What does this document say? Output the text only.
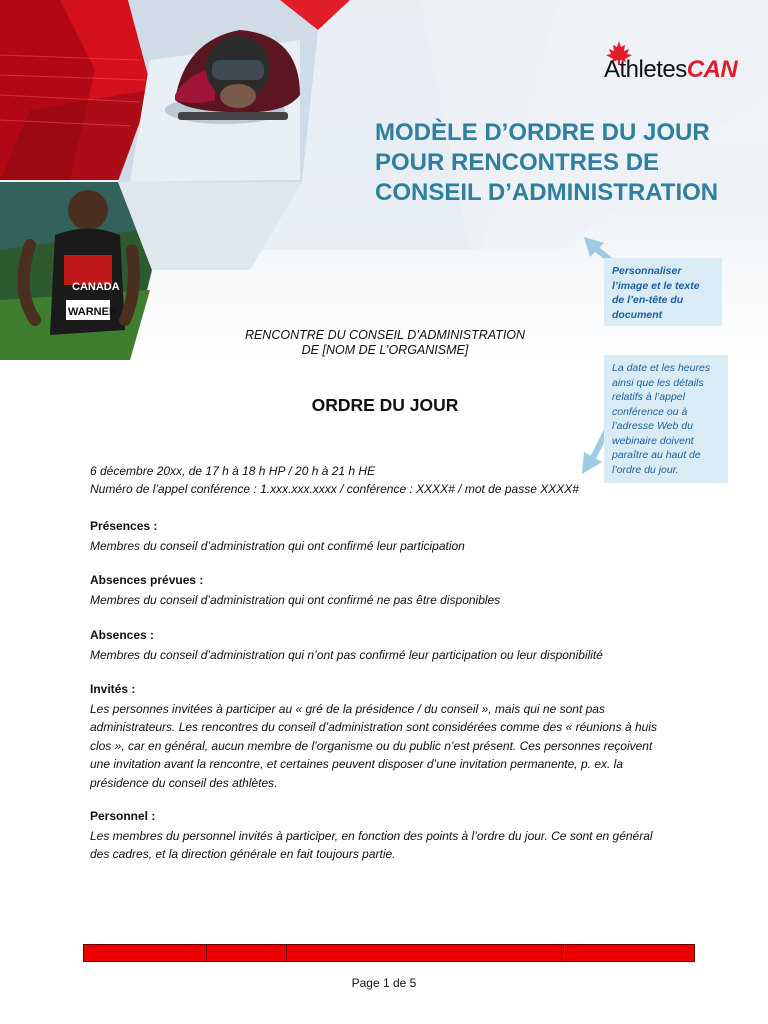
CANADA
WARNER
AthletesCAN
MODÈLE D’ORDRE DU JOUR POUR RENCONTRES DE CONSEIL D’ADMINISTRATION
Personnaliser l’image et le texte de l’en-tête du document
La date et les heures ainsi que les détails relatifs à l’appel conférence ou à l’adresse Web du webinaire doivent paraître au haut de l’ordre du jour.
RENCONTRE DU CONSEIL D’ADMINISTRATION
DE [NOM DE L’ORGANISME]
ORDRE DU JOUR
6 décembre 20xx, de 17 h à 18 h HP / 20 h à 21 h HE
Numéro de l’appel conférence : 1.xxx.xxx.xxxx / conférence : XXXX# / mot de passe XXXX#
Présences :
Membres du conseil d’administration qui ont confirmé leur participation
Absences prévues :
Membres du conseil d’administration qui ont confirmé ne pas être disponibles
Absences :
Membres du conseil d’administration qui n’ont pas confirmé leur participation ou leur disponibilité
Invités :
Les personnes invitées à participer au « gré de la présidence / du conseil », mais qui ne sont pas administrateurs. Les rencontres du conseil d’administration sont considérées comme des « réunions à huis clos », car en général, aucun membre de l’organisme ou du public n’est présent. Ces personnes reçoivent une invitation avant la rencontre, et certaines peuvent disposer d’une invitation permanente, p. ex. la présidence du conseil des athlètes.
Personnel :
Les membres du personnel invités à participer, en fonction des points à l’ordre du jour. Ce sont en général des cadres, et la direction générale en fait toujours partie.
Page 1 de 5
